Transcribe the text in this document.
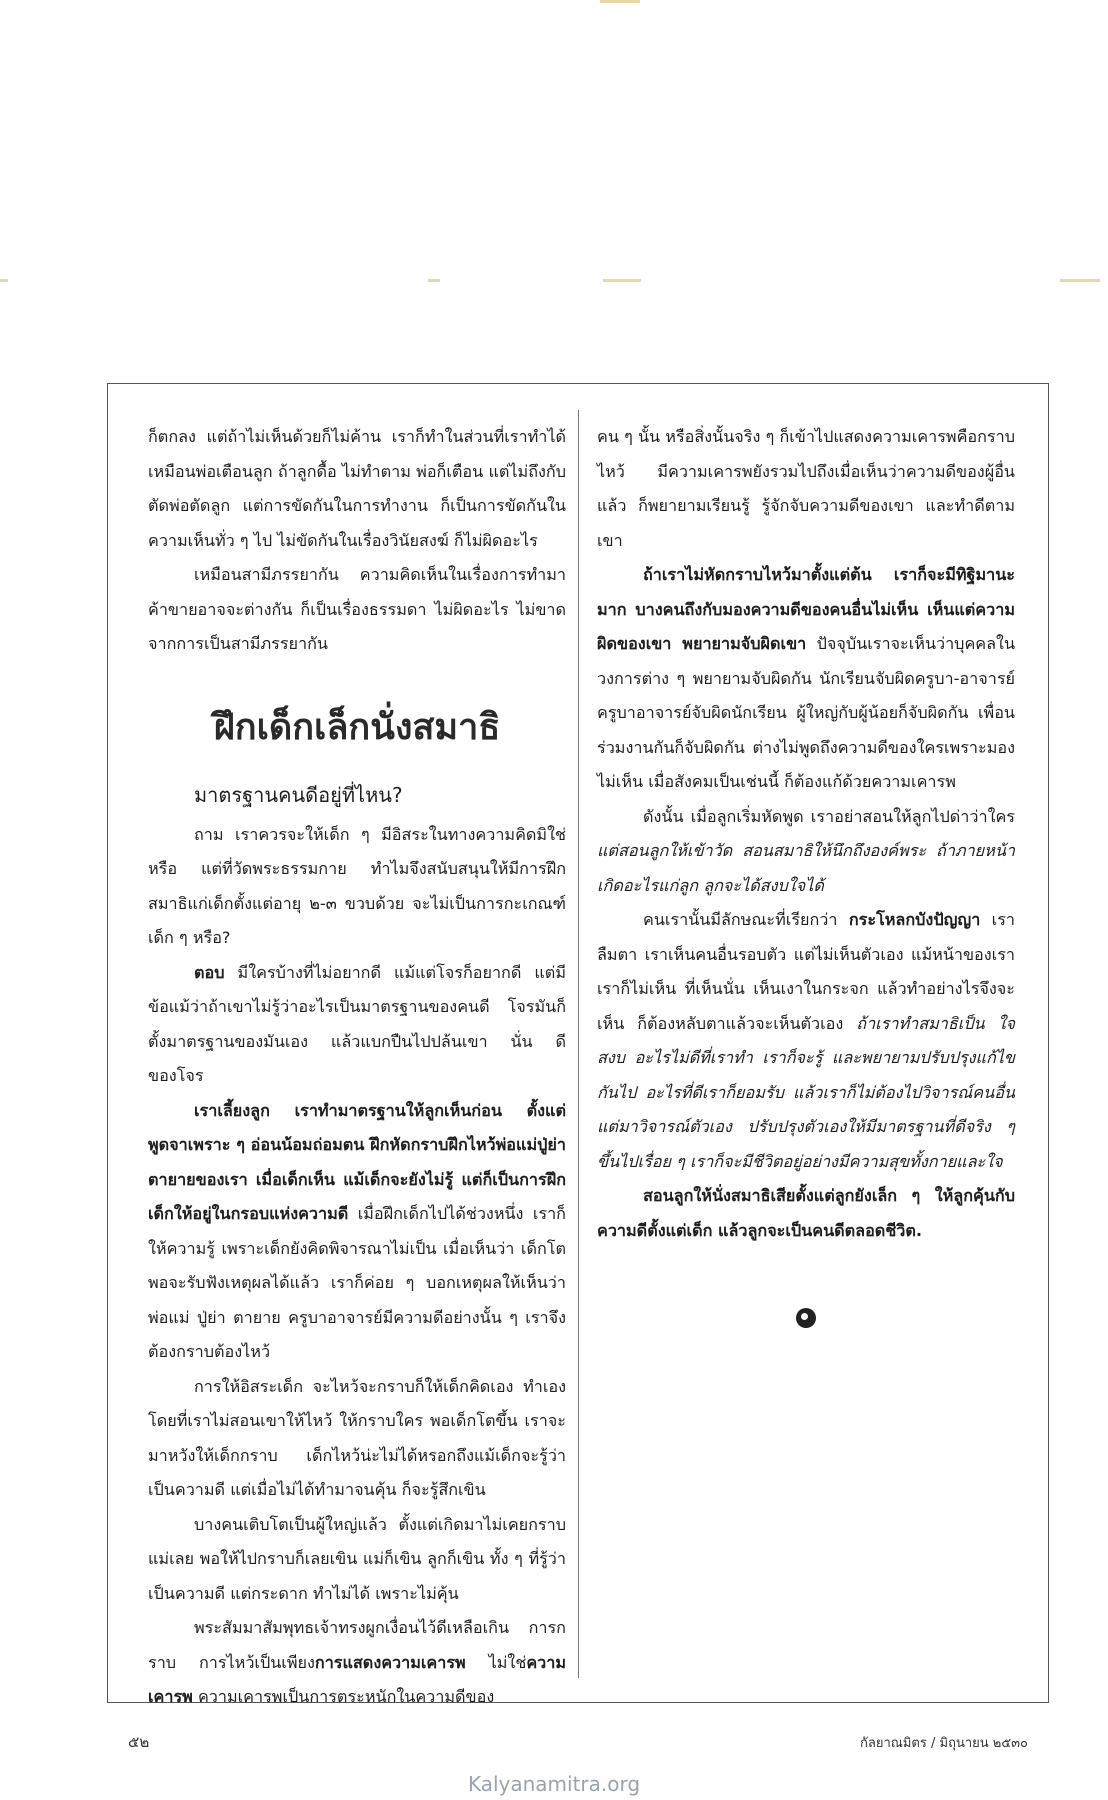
ก็ตกลง แต่ถ้าไม่เห็นด้วยก็ไม่ค้าน เราก็ทำในส่วนที่เราทำได้ เหมือนพ่อเตือนลูก ถ้าลูกดื้อ ไม่ทำตาม พ่อก็เตือน แต่ไม่ถึงกับตัดพ่อตัดลูก แต่การขัดกันในการทำงาน ก็เป็นการขัดกันในความเห็นทั่ว ๆ ไป ไม่ขัดกันในเรื่องวินัยสงฆ์ ก็ไม่ผิดอะไร

เหมือนสามีภรรยากัน ความคิดเห็นในเรื่องการทำมาค้าขายอาจจะต่างกัน ก็เป็นเรื่องธรรมดา ไม่ผิดอะไร ไม่ขาดจากการเป็นสามีภรรยากัน

ฝึกเด็กเล็กนั่งสมาธิ
มาตรฐานคนดีอยู่ที่ไหน?

ถาม เราควรจะให้เด็ก ๆ มีอิสระในทางความคิดมิใช่หรือ แต่ที่วัดพระธรรมกาย ทำไมจึงสนับสนุนให้มีการฝึกสมาธิแก่เด็กตั้งแต่อายุ ๒-๓ ขวบด้วย จะไม่เป็นการกะเกณฑ์เด็ก ๆ หรือ?

ตอบ มีใครบ้างที่ไม่อยากดี แม้แต่โจรก็อยากดี แต่มีข้อแม้ว่าถ้าเขาไม่รู้ว่าอะไรเป็นมาตรฐานของคนดี โจรมันก็ตั้งมาตรฐานของมันเอง แล้วแบกปืนไปปล้นเขา นั่น ดีของโจร

เราเลี้ยงลูก เราทำมาตรฐานให้ลูกเห็นก่อน ตั้งแต่พูดจาเพราะ ๆ อ่อนน้อมถ่อมตน ฝึกหัดกราบฝึกไหว้พ่อแม่ปู่ย่า ตายายของเรา เมื่อเด็กเห็น แม้เด็กจะยังไม่รู้ แต่ก็เป็นการฝึกเด็กให้อยู่ในกรอบแห่งความดี เมื่อฝึกเด็กไปได้ช่วงหนึ่ง เราก็ให้ความรู้ เพราะเด็กยังคิดพิจารณาไม่เป็น เมื่อเห็นว่า เด็กโตพอจะรับฟังเหตุผลได้แล้ว เราก็ค่อย ๆ บอกเหตุผลให้เห็นว่า พ่อแม่ ปู่ย่า ตายาย ครูบาอาจารย์มีความดีอย่างนั้น ๆ เราจึงต้องกราบต้องไหว้

การให้อิสระเด็ก จะไหว้จะกราบก็ให้เด็กคิดเอง ทำเองโดยที่เราไม่สอนเขาให้ไหว้ ให้กราบใคร พอเด็กโตขึ้น เราจะมาหวังให้เด็กกราบ เด็กไหว้น่ะไม่ได้หรอกถึงแม้เด็กจะรู้ว่าเป็นความดี แต่เมื่อไม่ได้ทำมาจนคุ้น ก็จะรู้สึกเขิน

บางคนเติบโตเป็นผู้ใหญ่แล้ว ตั้งแต่เกิดมาไม่เคยกราบแม่เลย พอให้ไปกราบก็เลยเขิน แม่ก็เขิน ลูกก็เขิน ทั้ง ๆ ที่รู้ว่าเป็นความดี แต่กระดาก ทำไม่ได้ เพราะไม่คุ้น

พระสัมมาสัมพุทธเจ้าทรงผูกเงื่อนไว้ดีเหลือเกิน การกราบ การไหว้เป็นเพียงการแสดงความเคารพ ไม่ใช่ความเคารพ ความเคารพเป็นการตระหนักในความดีของ

คน ๆ นั้น หรือสิ่งนั้นจริง ๆ ก็เข้าไปแสดงความเคารพคือกราบไหว้ มีความเคารพยังรวมไปถึงเมื่อเห็นว่าความดีของผู้อื่นแล้ว ก็พยายามเรียนรู้ รู้จักจับความดีของเขา และทำดีตามเขา

ถ้าเราไม่หัดกราบไหว้มาตั้งแต่ต้น เราก็จะมีทิฐิมานะมาก บางคนถึงกับมองความดีของคนอื่นไม่เห็น เห็นแต่ความผิดของเขา พยายามจับผิดเขา ปัจจุบันเราจะเห็นว่าบุคคลในวงการต่าง ๆ พยายามจับผิดกัน นักเรียนจับผิดครูบา-อาจารย์ ครูบาอาจารย์จับผิดนักเรียน ผู้ใหญ่กับผู้น้อยก็จับผิดกัน เพื่อนร่วมงานกันก็จับผิดกัน ต่างไม่พูดถึงความดีของใครเพราะมองไม่เห็น เมื่อสังคมเป็นเช่นนี้ ก็ต้องแก้ด้วยความเคารพ

ดังนั้น เมื่อลูกเริ่มหัดพูด เราอย่าสอนให้ลูกไปด่าว่าใคร แต่สอนลูกให้เข้าวัด สอนสมาธิให้นึกถึงองค์พระ ถ้าภายหน้าเกิดอะไรแก่ลูก ลูกจะได้สงบใจได้

คนเรานั้นมีลักษณะที่เรียกว่า กระโหลกบังปัญญา เราลืมตา เราเห็นคนอื่นรอบตัว แต่ไม่เห็นตัวเอง แม้หน้าของเราเราก็ไม่เห็น ที่เห็นนั่น เห็นเงาในกระจก แล้วทำอย่างไรจึงจะเห็น ก็ต้องหลับตาแล้วจะเห็นตัวเอง ถ้าเราทำสมาธิเป็น ใจสงบ อะไรไม่ดีที่เราทำ เราก็จะรู้ และพยายามปรับปรุงแก้ไขกันไป อะไรที่ดีเราก็ยอมรับ แล้วเราก็ไม่ต้องไปวิจารณ์คนอื่น แต่มาวิจารณ์ตัวเอง ปรับปรุงตัวเองให้มีมาตรฐานที่ดีจริง ๆ ขึ้นไปเรื่อย ๆ เราก็จะมีชีวิตอยู่อย่างมีความสุขทั้งกายและใจ

สอนลูกให้นั่งสมาธิเสียตั้งแต่ลูกยังเล็ก ๆ ให้ลูกคุ้นกับความดีตั้งแต่เด็ก แล้วลูกจะเป็นคนดีตลอดชีวิต.

๕๒	กัลยาณมิตร / มิถุนายน ๒๕๓๐
Kalyanamitra.org
